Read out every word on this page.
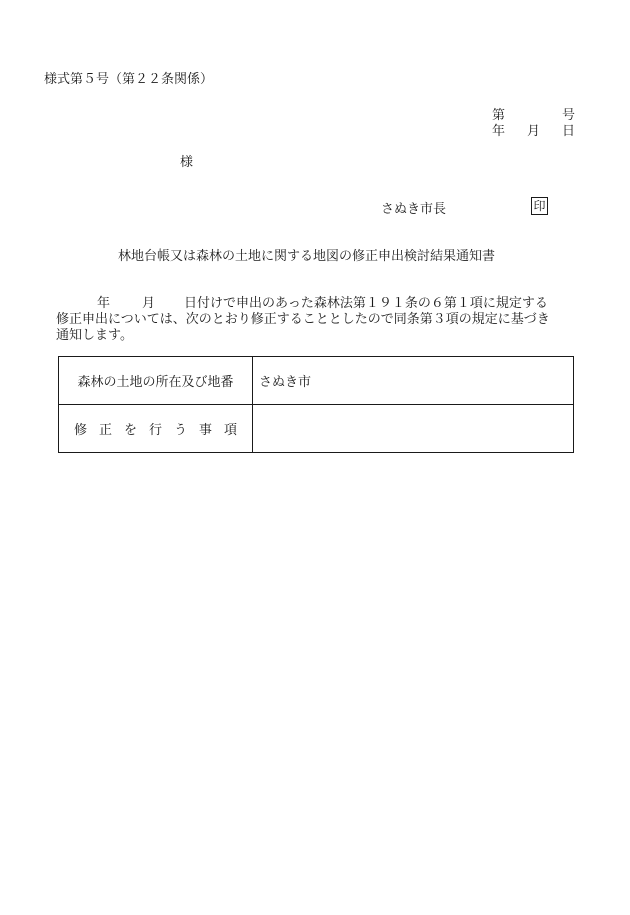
様式第５号（第２２条関係）
第	号
年 月 日
様
さぬき市長	印
林地台帳又は森林の土地に関する地図の修正申出検討結果通知書
年 月 日付けで申出のあった森林法第１９１条の６第１項に規定する
修正申出については、次のとおり修正することとしたので同条第３項の規定に基づき
通知します。
森林の土地の所在及び地番	さぬき市
修正を行う事項	
